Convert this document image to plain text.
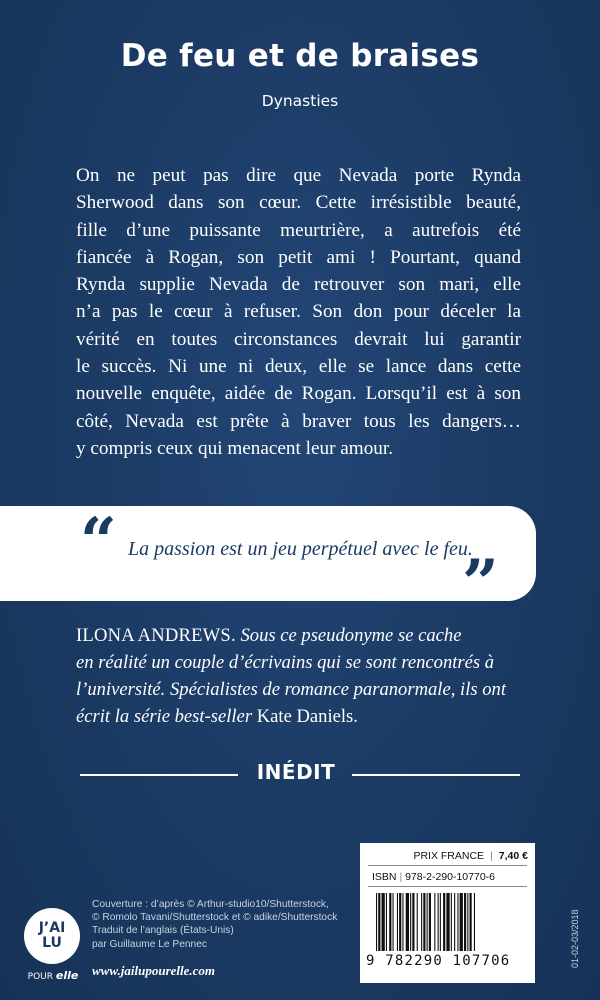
De feu et de braises
Dynasties
On ne peut pas dire que Nevada porte Rynda
Sherwood dans son cœur. Cette irrésistible beauté,
fille d’une puissante meurtrière, a autrefois été
fiancée à Rogan, son petit ami ! Pourtant, quand
Rynda supplie Nevada de retrouver son mari, elle
n’a pas le cœur à refuser. Son don pour déceler la
vérité en toutes circonstances devrait lui garantir
le succès. Ni une ni deux, elle se lance dans cette
nouvelle enquête, aidée de Rogan. Lorsqu’il est à son
côté, Nevada est prête à braver tous les dangers…
y compris ceux qui menacent leur amour.
“ La passion est un jeu perpétuel avec le feu.
”
ILONA ANDREWS. Sous ce pseudonyme se cache
en réalité un couple d’écrivains qui se sont rencontrés à
l’université. Spécialistes de romance paranormale, ils ont
écrit la série best-seller Kate Daniels.
INÉDIT
J’AI
LU
POUR elle
Couverture : d’après © Arthur-studio10/Shutterstock,
© Romolo Tavani/Shutterstock et © adike/Shutterstock
Traduit de l’anglais (États-Unis)
par Guillaume Le Pennec
www.jailupourelle.com
PRIX FRANCE | 7,40 €
ISBN | 978-2-290-10770-6
9 782290 107706	01-02-03/2018
